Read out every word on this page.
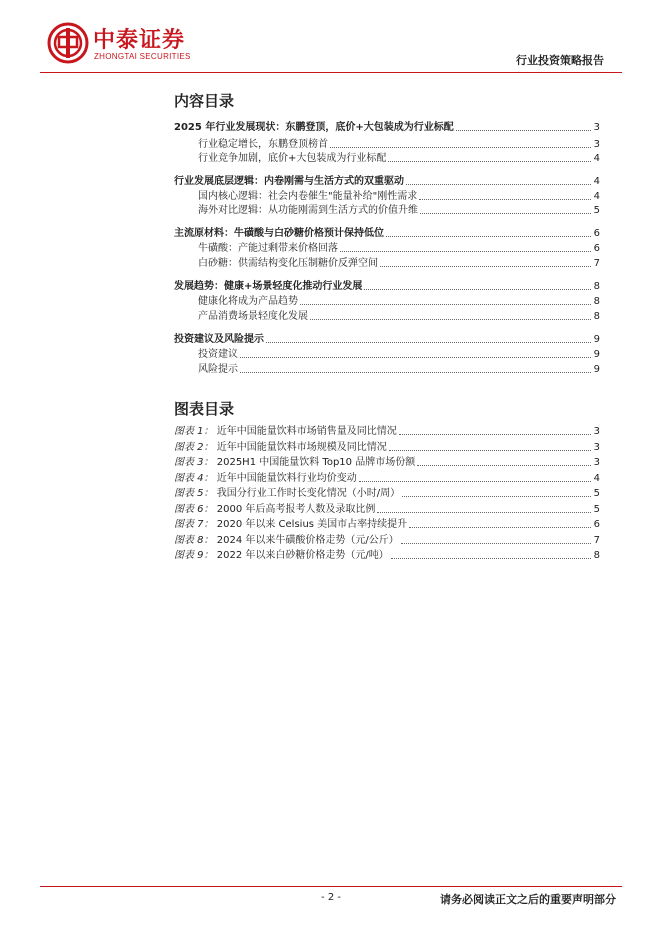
中泰证券
ZHONGTAI SECURITIES	行业投资策略报告
内容目录
2025 年行业发展现状：东鹏登顶，底价+大包装成为行业标配	3
行业稳定增长，东鹏登顶榜首	3
行业竞争加剧，底价+大包装成为行业标配	4
行业发展底层逻辑：内卷刚需与生活方式的双重驱动	4
国内核心逻辑：社会内卷催生"能量补给"刚性需求	4
海外对比逻辑：从功能刚需到生活方式的价值升维	5
主流原材料：牛磺酸与白砂糖价格预计保持低位	6
牛磺酸：产能过剩带来价格回落	6
白砂糖：供需结构变化压制糖价反弹空间	7
发展趋势：健康+场景轻度化推动行业发展	8
健康化将成为产品趋势	8
产品消费场景轻度化发展	8
投资建议及风险提示	9
投资建议	9
风险提示	9
图表目录
图表 1： 近年中国能量饮料市场销售量及同比情况	3
图表 2： 近年中国能量饮料市场规模及同比情况	3
图表 3： 2025H1 中国能量饮料 Top10 品牌市场份额	3
图表 4： 近年中国能量饮料行业均价变动	4
图表 5： 我国分行业工作时长变化情况（小时/周）	5
图表 6： 2000 年后高考报考人数及录取比例	5
图表 7： 2020 年以来 Celsius 美国市占率持续提升	6
图表 8： 2024 年以来牛磺酸价格走势（元/公斤）	7
图表 9： 2022 年以来白砂糖价格走势（元/吨）	8
- 2 -	请务必阅读正文之后的重要声明部分
